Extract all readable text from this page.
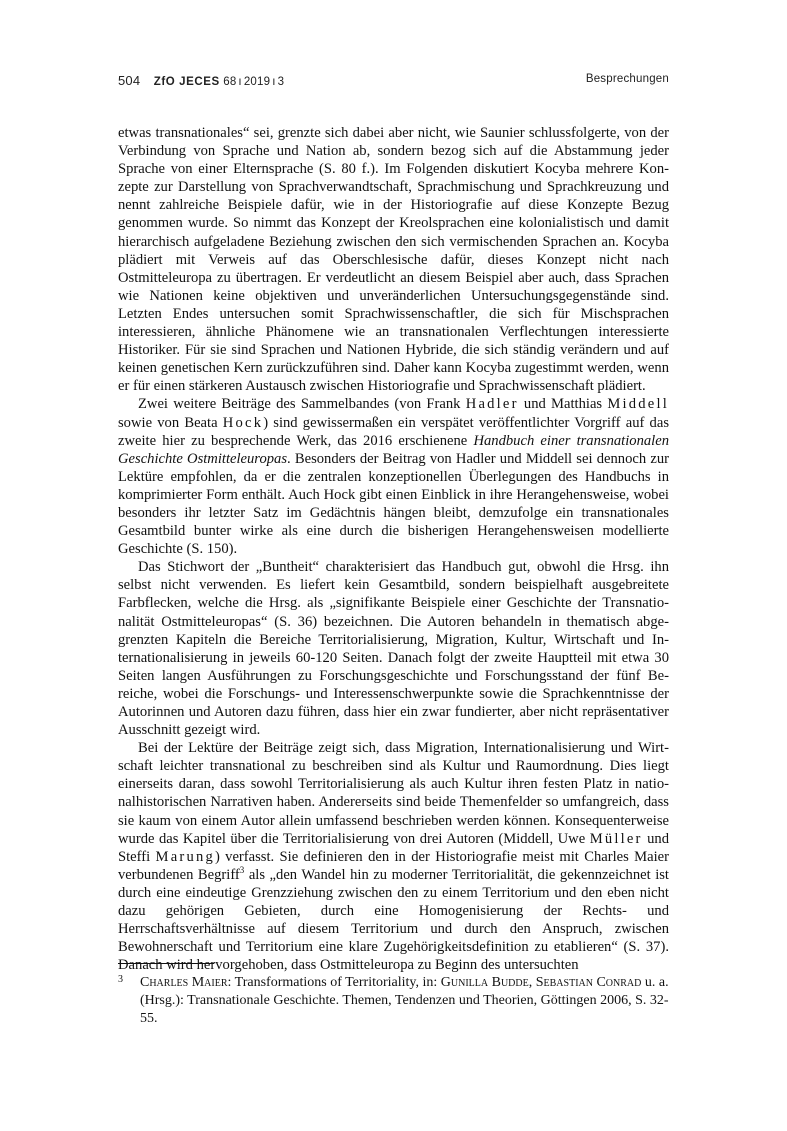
504 ZfO JECES 68 ı 2019 ı 3	Besprechungen

etwas transnationales“ sei, grenzte sich dabei aber nicht, wie Saunier schlussfolgerte, von der Verbindung von Sprache und Nation ab, sondern bezog sich auf die Abstammung jeder Sprache von einer Elternsprache (S. 80 f.). Im Folgenden diskutiert Kocyba mehrere Konzepte zur Darstellung von Sprachverwandtschaft, Sprachmischung und Sprachkreuzung und nennt zahlreiche Beispiele dafür, wie in der Historiografie auf diese Konzepte Bezug genommen wurde. So nimmt das Konzept der Kreolsprachen eine kolonialistisch und damit hierarchisch aufgeladene Beziehung zwischen den sich vermischenden Sprachen an. Kocyba plädiert mit Verweis auf das Oberschlesische dafür, dieses Konzept nicht nach Ostmitteleuropa zu übertragen. Er verdeutlicht an diesem Beispiel aber auch, dass Sprachen wie Nationen keine objektiven und unveränderlichen Untersuchungsgegenstände sind. Letzten Endes untersuchen somit Sprachwissenschaftler, die sich für Mischsprachen interessieren, ähnliche Phänomene wie an transnationalen Verflechtungen interessierte Historiker. Für sie sind Sprachen und Nationen Hybride, die sich ständig verändern und auf keinen genetischen Kern zurückzuführen sind. Daher kann Kocyba zugestimmt werden, wenn er für einen stärkeren Austausch zwischen Historiografie und Sprachwissenschaft plädiert.

Zwei weitere Beiträge des Sammelbandes (von Frank Hadler und Matthias Middell sowie von Beata Hock) sind gewissermaßen ein verspätet veröffentlichter Vorgriff auf das zweite hier zu besprechende Werk, das 2016 erschienene Handbuch einer transnationalen Geschichte Ostmitteleuropas. Besonders der Beitrag von Hadler und Middell sei dennoch zur Lektüre empfohlen, da er die zentralen konzeptionellen Überlegungen des Handbuchs in komprimierter Form enthält. Auch Hock gibt einen Einblick in ihre Herangehensweise, wobei besonders ihr letzter Satz im Gedächtnis hängen bleibt, demzufolge ein transnationales Gesamtbild bunter wirke als eine durch die bisherigen Herangehensweisen modellierte Geschichte (S. 150).

Das Stichwort der „Buntheit“ charakterisiert das Handbuch gut, obwohl die Hrsg. ihn selbst nicht verwenden. Es liefert kein Gesamtbild, sondern beispielhaft ausgebreitete Farbflecken, welche die Hrsg. als „signifikante Beispiele einer Geschichte der Transnationalität Ostmitteleuropas“ (S. 36) bezeichnen. Die Autoren behandeln in thematisch abgegrenzten Kapiteln die Bereiche Territorialisierung, Migration, Kultur, Wirtschaft und Internationalisierung in jeweils 60-120 Seiten. Danach folgt der zweite Hauptteil mit etwa 30 Seiten langen Ausführungen zu Forschungsgeschichte und Forschungsstand der fünf Bereiche, wobei die Forschungs- und Interessenschwerpunkte sowie die Sprachkenntnisse der Autorinnen und Autoren dazu führen, dass hier ein zwar fundierter, aber nicht repräsentativer Ausschnitt gezeigt wird.

Bei der Lektüre der Beiträge zeigt sich, dass Migration, Internationalisierung und Wirtschaft leichter transnational zu beschreiben sind als Kultur und Raumordnung. Dies liegt einerseits daran, dass sowohl Territorialisierung als auch Kultur ihren festen Platz in nationalhistorischen Narrativen haben. Andererseits sind beide Themenfelder so umfangreich, dass sie kaum von einem Autor allein umfassend beschrieben werden können. Konsequenterweise wurde das Kapitel über die Territorialisierung von drei Autoren (Middell, Uwe Müller und Steffi Marung) verfasst. Sie definieren den in der Historiografie meist mit Charles Maier verbundenen Begriff$^3$ als „den Wandel hin zu moderner Territorialität, die gekennzeichnet ist durch eine eindeutige Grenzziehung zwischen den zu einem Territorium und den eben nicht dazu gehörigen Gebieten, durch eine Homogenisierung der Rechts- und Herrschaftsverhältnisse auf diesem Territorium und durch den Anspruch, zwischen Bewohnerschaft und Territorium eine klare Zugehörigkeitsdefinition zu etablieren“ (S. 37). Danach wird hervorgehoben, dass Ostmitteleuropa zu Beginn des untersuchten

3 Charles Maier: Transformations of Territoriality, in: Gunilla Budde, Sebastian Conrad u. a. (Hrsg.): Transnationale Geschichte. Themen, Tendenzen und Theorien, Göttingen 2006, S. 32-55.
